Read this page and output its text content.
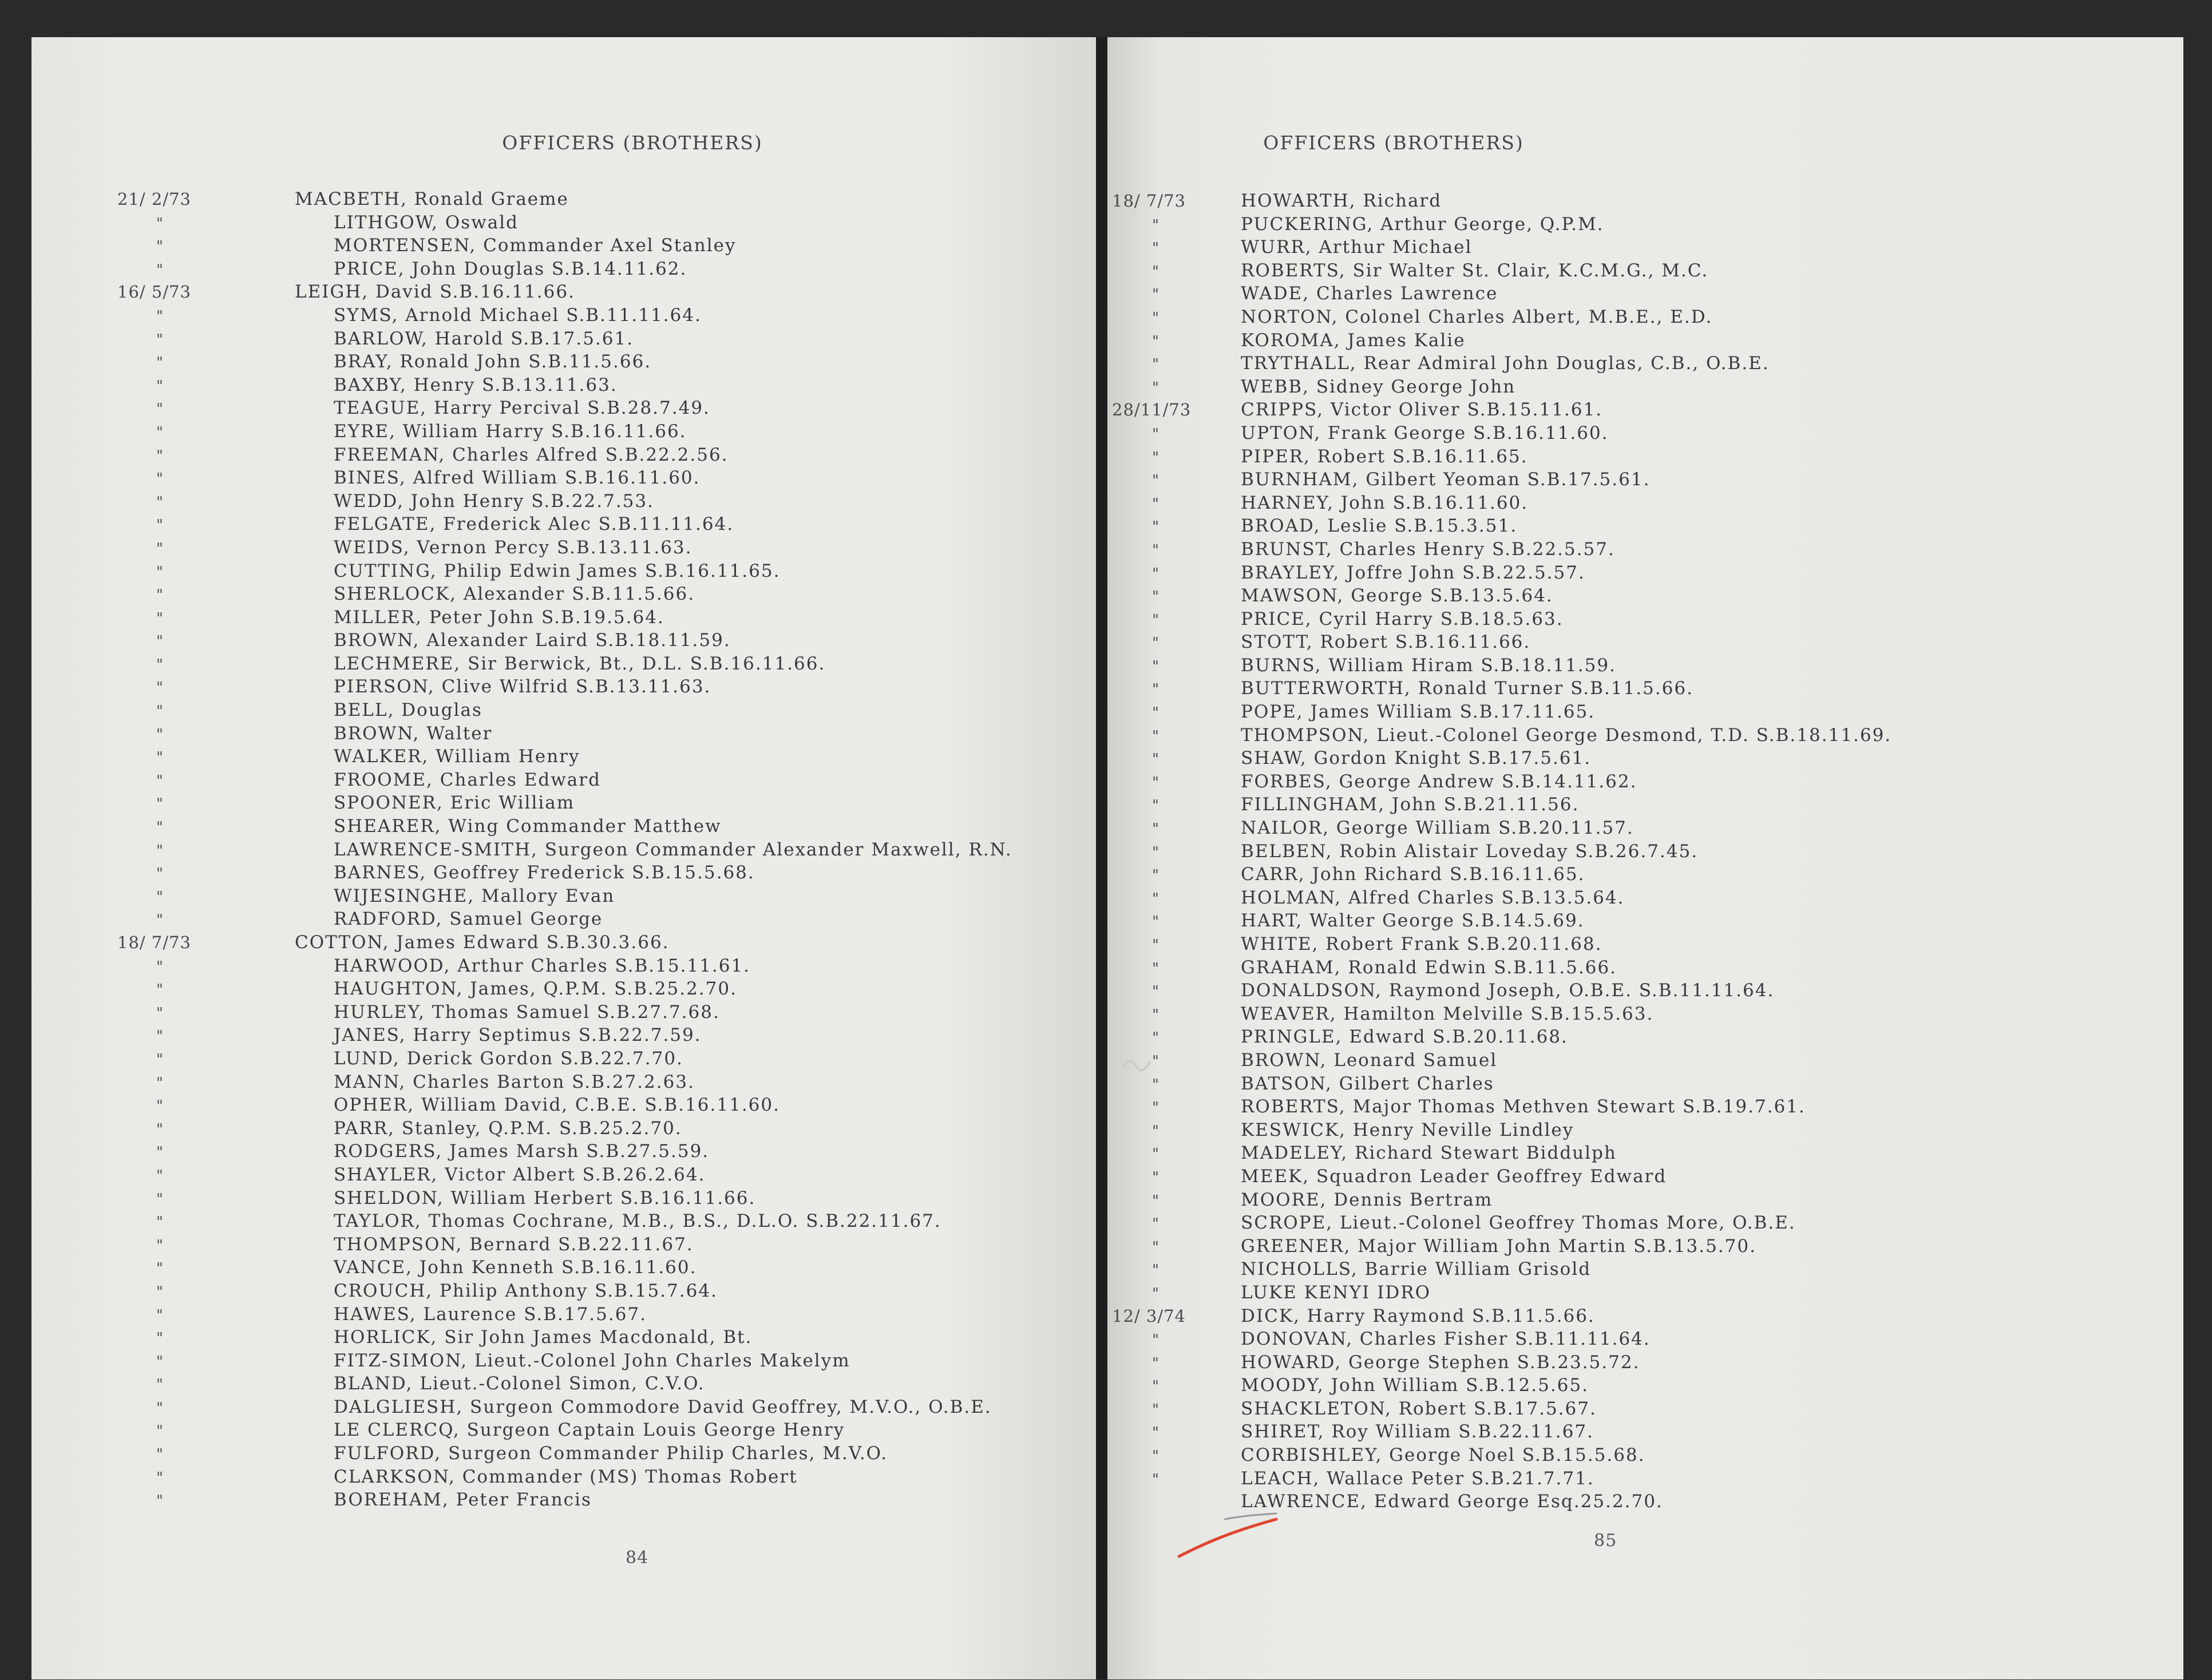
OFFICERS (BROTHERS)
21/ 2/73	MACBETH, Ronald Graeme
"	LITHGOW, Oswald
"	MORTENSEN, Commander Axel Stanley
"	PRICE, John Douglas S.B.14.11.62.
16/ 5/73	LEIGH, David S.B.16.11.66.
"	SYMS, Arnold Michael S.B.11.11.64.
"	BARLOW, Harold S.B.17.5.61.
"	BRAY, Ronald John S.B.11.5.66.
"	BAXBY, Henry S.B.13.11.63.
"	TEAGUE, Harry Percival S.B.28.7.49.
"	EYRE, William Harry S.B.16.11.66.
"	FREEMAN, Charles Alfred S.B.22.2.56.
"	BINES, Alfred William S.B.16.11.60.
"	WEDD, John Henry S.B.22.7.53.
"	FELGATE, Frederick Alec S.B.11.11.64.
"	WEIDS, Vernon Percy S.B.13.11.63.
"	CUTTING, Philip Edwin James S.B.16.11.65.
"	SHERLOCK, Alexander S.B.11.5.66.
"	MILLER, Peter John S.B.19.5.64.
"	BROWN, Alexander Laird S.B.18.11.59.
"	LECHMERE, Sir Berwick, Bt., D.L. S.B.16.11.66.
"	PIERSON, Clive Wilfrid S.B.13.11.63.
"	BELL, Douglas
"	BROWN, Walter
"	WALKER, William Henry
"	FROOME, Charles Edward
"	SPOONER, Eric William
"	SHEARER, Wing Commander Matthew
"	LAWRENCE-SMITH, Surgeon Commander Alexander Maxwell, R.N.
"	BARNES, Geoffrey Frederick S.B.15.5.68.
"	WIJESINGHE, Mallory Evan
"	RADFORD, Samuel George
18/ 7/73	COTTON, James Edward S.B.30.3.66.
"	HARWOOD, Arthur Charles S.B.15.11.61.
"	HAUGHTON, James, Q.P.M. S.B.25.2.70.
"	HURLEY, Thomas Samuel S.B.27.7.68.
"	JANES, Harry Septimus S.B.22.7.59.
"	LUND, Derick Gordon S.B.22.7.70.
"	MANN, Charles Barton S.B.27.2.63.
"	OPHER, William David, C.B.E. S.B.16.11.60.
"	PARR, Stanley, Q.P.M. S.B.25.2.70.
"	RODGERS, James Marsh S.B.27.5.59.
"	SHAYLER, Victor Albert S.B.26.2.64.
"	SHELDON, William Herbert S.B.16.11.66.
"	TAYLOR, Thomas Cochrane, M.B., B.S., D.L.O. S.B.22.11.67.
"	THOMPSON, Bernard S.B.22.11.67.
"	VANCE, John Kenneth S.B.16.11.60.
"	CROUCH, Philip Anthony S.B.15.7.64.
"	HAWES, Laurence S.B.17.5.67.
"	HORLICK, Sir John James Macdonald, Bt.
"	FITZ-SIMON, Lieut.-Colonel John Charles Makelym
"	BLAND, Lieut.-Colonel Simon, C.V.O.
"	DALGLIESH, Surgeon Commodore David Geoffrey, M.V.O., O.B.E.
"	LE CLERCQ, Surgeon Captain Louis George Henry
"	FULFORD, Surgeon Commander Philip Charles, M.V.O.
"	CLARKSON, Commander (MS) Thomas Robert
"	BOREHAM, Peter Francis
84
OFFICERS (BROTHERS)
18/ 7/73	HOWARTH, Richard
"	PUCKERING, Arthur George, Q.P.M.
"	WURR, Arthur Michael
"	ROBERTS, Sir Walter St. Clair, K.C.M.G., M.C.
"	WADE, Charles Lawrence
"	NORTON, Colonel Charles Albert, M.B.E., E.D.
"	KOROMA, James Kalie
"	TRYTHALL, Rear Admiral John Douglas, C.B., O.B.E.
"	WEBB, Sidney George John
28/11/73	CRIPPS, Victor Oliver S.B.15.11.61.
"	UPTON, Frank George S.B.16.11.60.
"	PIPER, Robert S.B.16.11.65.
"	BURNHAM, Gilbert Yeoman S.B.17.5.61.
"	HARNEY, John S.B.16.11.60.
"	BROAD, Leslie S.B.15.3.51.
"	BRUNST, Charles Henry S.B.22.5.57.
"	BRAYLEY, Joffre John S.B.22.5.57.
"	MAWSON, George S.B.13.5.64.
"	PRICE, Cyril Harry S.B.18.5.63.
"	STOTT, Robert S.B.16.11.66.
"	BURNS, William Hiram S.B.18.11.59.
"	BUTTERWORTH, Ronald Turner S.B.11.5.66.
"	POPE, James William S.B.17.11.65.
"	THOMPSON, Lieut.-Colonel George Desmond, T.D. S.B.18.11.69.
"	SHAW, Gordon Knight S.B.17.5.61.
"	FORBES, George Andrew S.B.14.11.62.
"	FILLINGHAM, John S.B.21.11.56.
"	NAILOR, George William S.B.20.11.57.
"	BELBEN, Robin Alistair Loveday S.B.26.7.45.
"	CARR, John Richard S.B.16.11.65.
"	HOLMAN, Alfred Charles S.B.13.5.64.
"	HART, Walter George S.B.14.5.69.
"	WHITE, Robert Frank S.B.20.11.68.
"	GRAHAM, Ronald Edwin S.B.11.5.66.
"	DONALDSON, Raymond Joseph, O.B.E. S.B.11.11.64.
"	WEAVER, Hamilton Melville S.B.15.5.63.
"	PRINGLE, Edward S.B.20.11.68.
"	BROWN, Leonard Samuel
"	BATSON, Gilbert Charles
"	ROBERTS, Major Thomas Methven Stewart S.B.19.7.61.
"	KESWICK, Henry Neville Lindley
"	MADELEY, Richard Stewart Biddulph
"	MEEK, Squadron Leader Geoffrey Edward
"	MOORE, Dennis Bertram
"	SCROPE, Lieut.-Colonel Geoffrey Thomas More, O.B.E.
"	GREENER, Major William John Martin S.B.13.5.70.
"	NICHOLLS, Barrie William Grisold
"	LUKE KENYI IDRO
12/ 3/74	DICK, Harry Raymond S.B.11.5.66.
"	DONOVAN, Charles Fisher S.B.11.11.64.
"	HOWARD, George Stephen S.B.23.5.72.
"	MOODY, John William S.B.12.5.65.
"	SHACKLETON, Robert S.B.17.5.67.
"	SHIRET, Roy William S.B.22.11.67.
"	CORBISHLEY, George Noel S.B.15.5.68.
"	LEACH, Wallace Peter S.B.21.7.71.
LAWRENCE, Edward George Esq.25.2.70.
85
